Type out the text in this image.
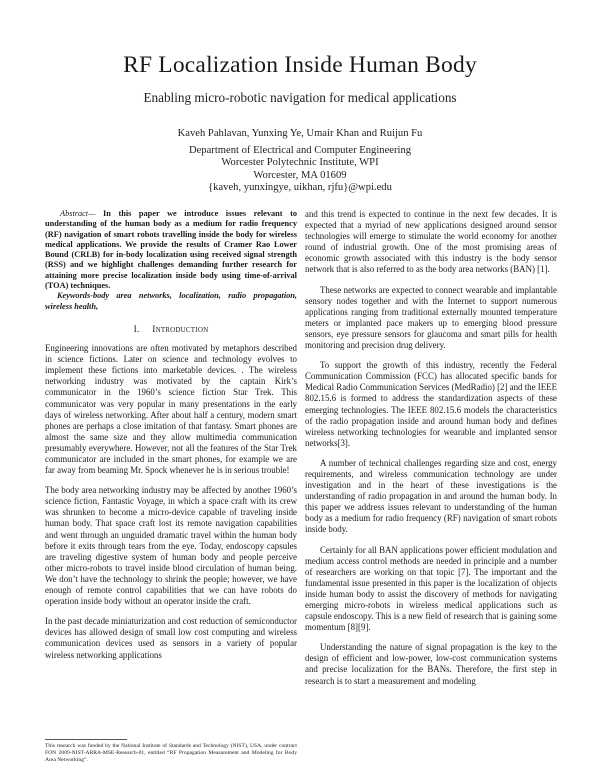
RF Localization Inside Human Body
Enabling micro-robotic navigation for medical applications
Kaveh Pahlavan, Yunxing Ye, Umair Khan and Ruijun Fu
Department of Electrical and Computer Engineering
Worcester Polytechnic Institute, WPI
Worcester, MA 01609
{kaveh, yunxingye, uikhan, rjfu}@wpi.edu

Abstract— In this paper we introduce issues relevant to understanding of the human body as a medium for radio frequency (RF) navigation of smart robots travelling inside the body for wireless medical applications. We provide the results of Cramer Rao Lower Bound (CRLB) for in-body localization using received signal strength (RSS) and we highlight challenges demanding further research for attaining more precise localization inside body using time-of-arrival (TOA) techniques.

Keywords-body area networks, localization, radio propagation, wireless health,

I. Introduction

Engineering innovations are often motivated by metaphors described in science fictions. Later on science and technology evolves to implement these fictions into marketable devices. . The wireless networking industry was motivated by the captain Kirk’s communicator in the 1960’s science fiction Star Trek. This communicator was very popular in many presentations in the early days of wireless networking. After about half a century, modern smart phones are perhaps a close imitation of that fantasy. Smart phones are almost the same size and they allow multimedia communication presumably everywhere. However, not all the features of the Star Trek communicator are included in the smart phones, for example we are far away from beaming Mr. Spock whenever he is in serious trouble!

The body area networking industry may be affected by another 1960’s science fiction, Fantastic Voyage, in which a space craft with its crew was shrunken to become a micro-device capable of traveling inside human body. That space craft lost its remote navigation capabilities and went through an unguided dramatic travel within the human body before it exits through tears from the eye. Today, endoscopy capsules are traveling digestive system of human body and people perceive other micro-robots to travel inside blood circulation of human being. We don’t have the technology to shrink the people; however, we have enough of remote control capabilities that we can have robots do operation inside body without an operator inside the craft.

In the past decade miniaturization and cost reduction of semiconductor devices has allowed design of small low cost computing and wireless communication devices used as sensors in a variety of popular wireless networking applications

and this trend is expected to continue in the next few decades. It is expected that a myriad of new applications designed around sensor technologies will emerge to stimulate the world economy for another round of industrial growth. One of the most promising areas of economic growth associated with this industry is the body sensor network that is also referred to as the body area networks (BAN) [1].

These networks are expected to connect wearable and implantable sensory nodes together and with the Internet to support numerous applications ranging from traditional externally mounted temperature meters or implanted pace makers up to emerging blood pressure sensors, eye pressure sensors for glaucoma and smart pills for health monitoring and precision drug delivery.

To support the growth of this industry, recently the Federal Communication Commission (FCC) has allocated specific bands for Medical Radio Communication Services (MedRadio) [2] and the IEEE 802.15.6 is formed to address the standardization aspects of these emerging technologies. The IEEE 802.15.6 models the characteristics of the radio propagation inside and around human body and defines wireless networking technologies for wearable and implanted sensor networks[3].

A number of technical challenges regarding size and cost, energy requirements, and wireless communication technology are under investigation and in the heart of these investigations is the understanding of radio propagation in and around the human body. In this paper we address issues relevant to understanding of the human body as a medium for radio frequency (RF) navigation of smart robots inside body.

Certainly for all BAN applications power efficient modulation and medium access control methods are needed in principle and a number of researchers are working on that topic [7]. The important and the fundamental issue presented in this paper is the localization of objects inside human body to assist the discovery of methods for navigating emerging micro-robots in wireless medical applications such as capsule endoscopy. This is a new field of research that is gaining some momentum [8][9].

Understanding the nature of signal propagation is the key to the design of efficient and low-power, low-cost communication systems and precise localization for the BANs. Therefore, the first step in research is to start a measurement and modeling

This research was funded by the National Institute of Standards and Technology (NIST), USA, under contract FON 2009-NIST-ARRA-MSE-Research-01, entitled “RF Propagation Measurement and Modeling for Body Area Networking”.
